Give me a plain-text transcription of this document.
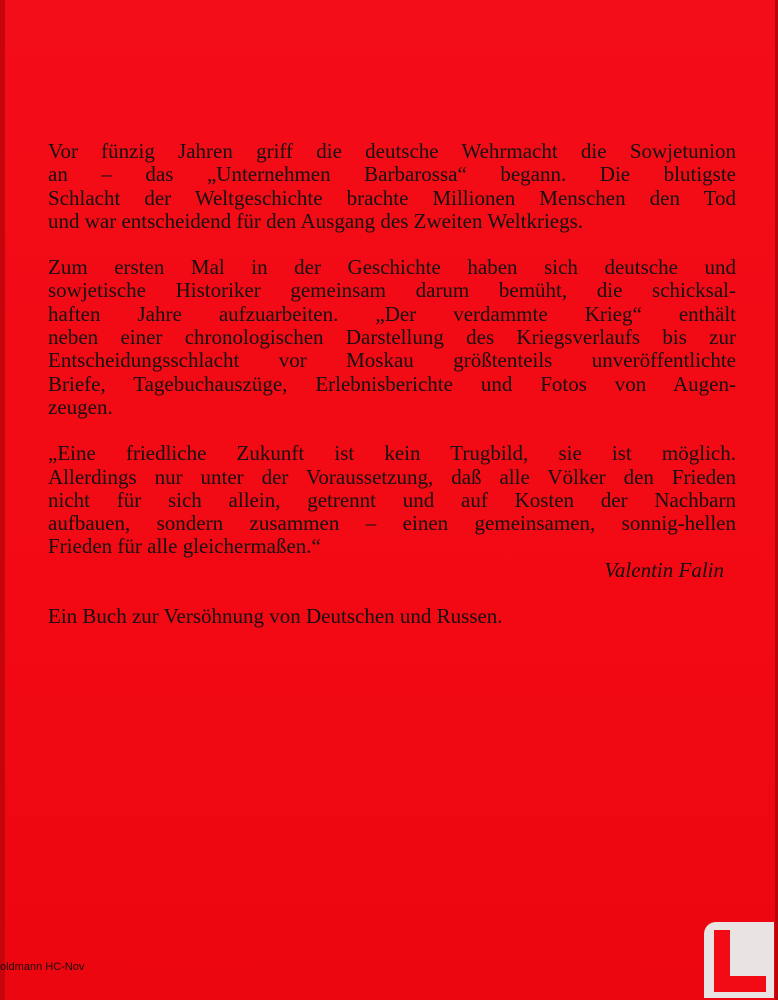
Vor fünzig Jahren griff die deutsche Wehrmacht die Sowjetunion
an – das „Unternehmen Barbarossa“ begann. Die blutigste
Schlacht der Weltgeschichte brachte Millionen Menschen den Tod
und war entscheidend für den Ausgang des Zweiten Weltkriegs.

Zum ersten Mal in der Geschichte haben sich deutsche und
sowjetische Historiker gemeinsam darum bemüht, die schicksal-
haften Jahre aufzuarbeiten. „Der verdammte Krieg“ enthält
neben einer chronologischen Darstellung des Kriegsverlaufs bis zur
Entscheidungsschlacht vor Moskau größtenteils unveröffentlichte
Briefe, Tagebuchauszüge, Erlebnisberichte und Fotos von Augen-
zeugen.

„Eine friedliche Zukunft ist kein Trugbild, sie ist möglich.
Allerdings nur unter der Voraussetzung, daß alle Völker den Frieden
nicht für sich allein, getrennt und auf Kosten der Nachbarn
aufbauen, sondern zusammen – einen gemeinsamen, sonnig-hellen
Frieden für alle gleichermaßen.“
Valentin Falin

Ein Buch zur Versöhnung von Deutschen und Russen.

oldmann HC-Nov
